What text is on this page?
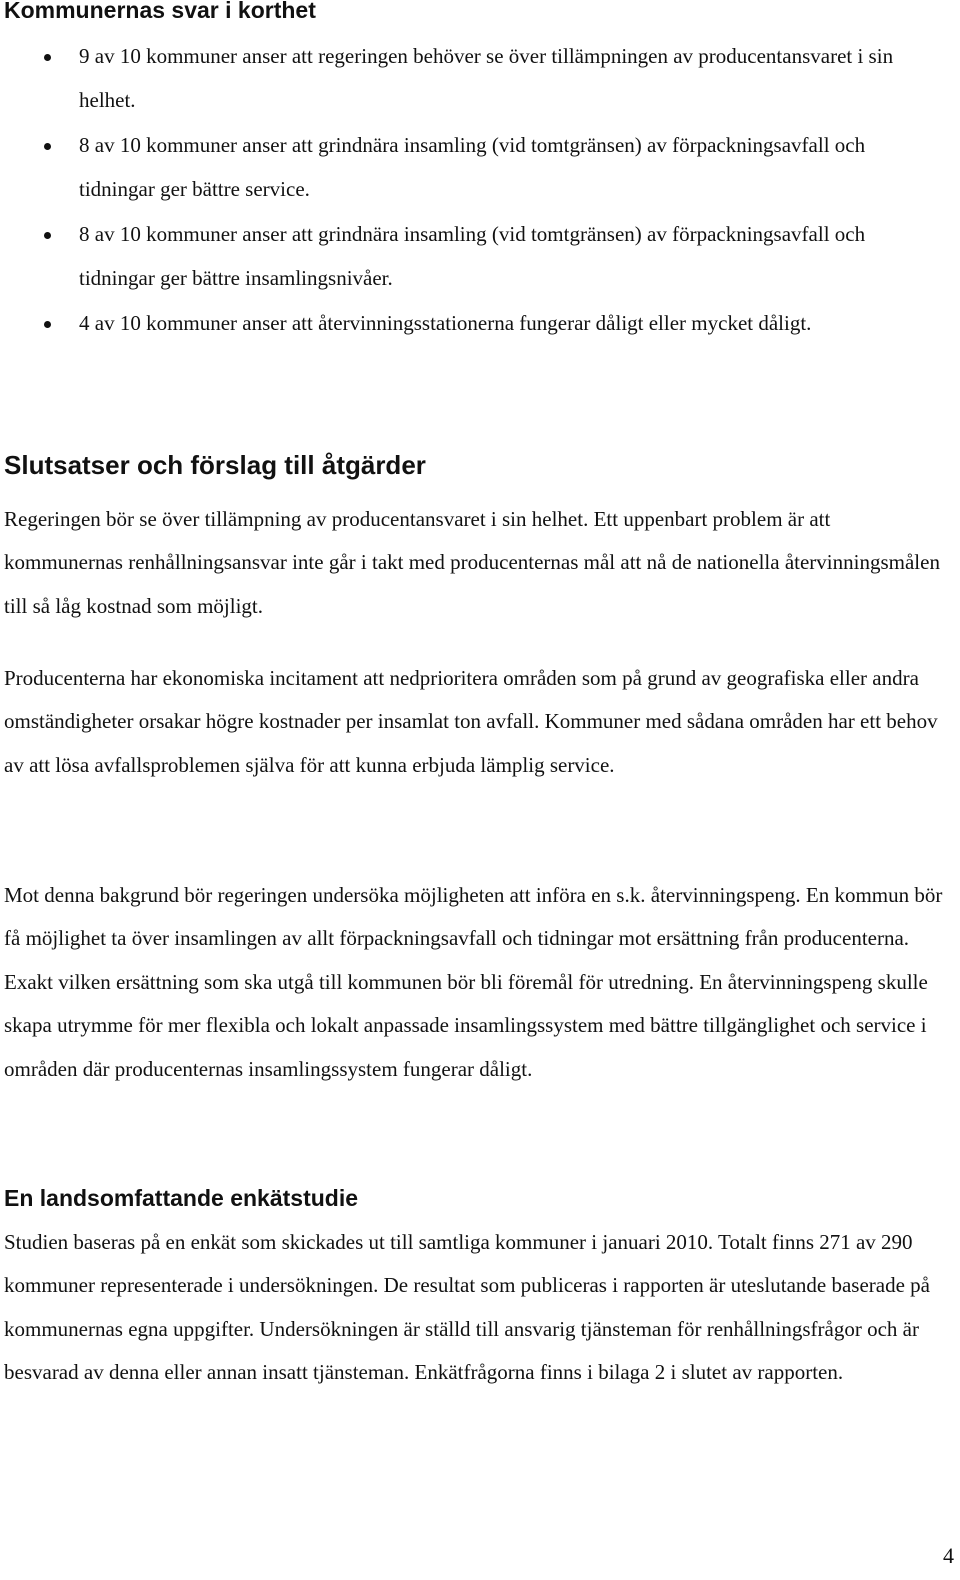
Kommunernas svar i korthet
9 av 10 kommuner anser att regeringen behöver se över tillämpningen av producentansvaret i sin helhet.
8 av 10 kommuner anser att grindnära insamling (vid tomtgränsen) av förpackningsavfall och tidningar ger bättre service.
8 av 10 kommuner anser att grindnära insamling (vid tomtgränsen) av förpackningsavfall och tidningar ger bättre insamlingsnivåer.
4 av 10 kommuner anser att återvinningsstationerna fungerar dåligt eller mycket dåligt.
Slutsatser och förslag till åtgärder

Regeringen bör se över tillämpning av producentansvaret i sin helhet. Ett uppenbart problem är att kommunernas renhållningsansvar inte går i takt med producenternas mål att nå de nationella återvinningsmålen till så låg kostnad som möjligt.

Producenterna har ekonomiska incitament att nedprioritera områden som på grund av geografiska eller andra omständigheter orsakar högre kostnader per insamlat ton avfall. Kommuner med sådana områden har ett behov av att lösa avfallsproblemen själva för att kunna erbjuda lämplig service.

Mot denna bakgrund bör regeringen undersöka möjligheten att införa en s.k. återvinningspeng. En kommun bör få möjlighet ta över insamlingen av allt förpackningsavfall och tidningar mot ersättning från producenterna. Exakt vilken ersättning som ska utgå till kommunen bör bli föremål för utredning. En återvinningspeng skulle skapa utrymme för mer flexibla och lokalt anpassade insamlingssystem med bättre tillgänglighet och service i områden där producenternas insamlingssystem fungerar dåligt.

En landsomfattande enkätstudie

Studien baseras på en enkät som skickades ut till samtliga kommuner i januari 2010. Totalt finns 271 av 290 kommuner representerade i undersökningen. De resultat som publiceras i rapporten är uteslutande baserade på kommunernas egna uppgifter. Undersökningen är ställd till ansvarig tjänsteman för renhållningsfrågor och är besvarad av denna eller annan insatt tjänsteman. Enkätfrågorna finns i bilaga 2 i slutet av rapporten.

4
